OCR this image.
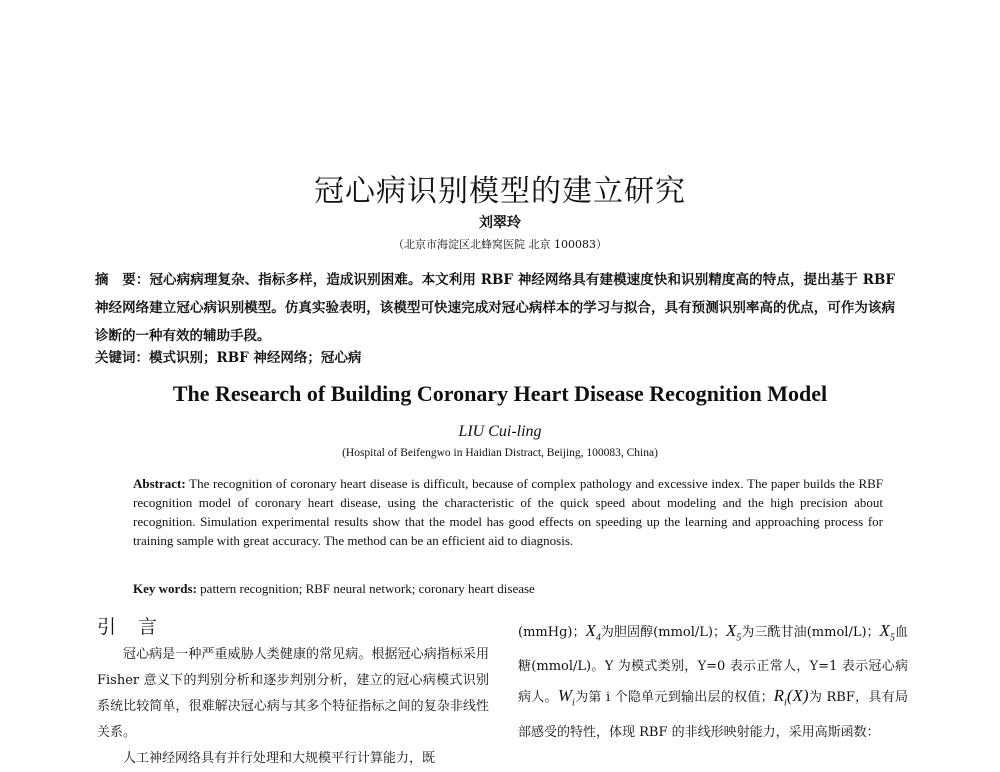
冠心病识别模型的建立研究
刘翠玲
（北京市海淀区北蜂窝医院 北京 100083）
摘　要：冠心病病理复杂、指标多样，造成识别困难。本文利用 RBF 神经网络具有建模速度快和识别精度高的特点，提出基于 RBF 神经网络建立冠心病识别模型。仿真实验表明，该模型可快速完成对冠心病样本的学习与拟合，具有预测识别率高的优点，可作为该病诊断的一种有效的辅助手段。
关键词：模式识别；RBF 神经网络；冠心病
The Research of Building Coronary Heart Disease Recognition Model
LIU Cui-ling
(Hospital of Beifengwo in Haidian Distract, Beijing, 100083, China)
Abstract: The recognition of coronary heart disease is difficult, because of complex pathology and excessive index. The paper builds the RBF recognition model of coronary heart disease, using the characteristic of the quick speed about modeling and the high precision about recognition. Simulation experimental results show that the model has good effects on speeding up the learning and approaching process for training sample with great accuracy. The method can be an efficient aid to diagnosis.
Key words: pattern recognition; RBF neural network; coronary heart disease
引 言

冠心病是一种严重威胁人类健康的常见病。根据冠心病指标采用 Fisher 意义下的判别分析和逐步判别分析，建立的冠心病模式识别系统比较简单，很难解决冠心病与其多个特征指标之间的复杂非线性关系。

人工神经网络具有并行处理和大规模平行计算能力，既

(mmHg)；$X_4$为胆固醇(mmol/L)；$X_5$为三酰甘油(mmol/L)；$X_5$血糖(mmol/L)。Y 为模式类别，Y=0 表示正常人，Y=1 表示冠心病病人。$W_i$为第 i 个隐单元到输出层的权值；$R_i(X)$为 RBF，具有局部感受的特性，体现 RBF 的非线形映射能力，采用高斯函数：
